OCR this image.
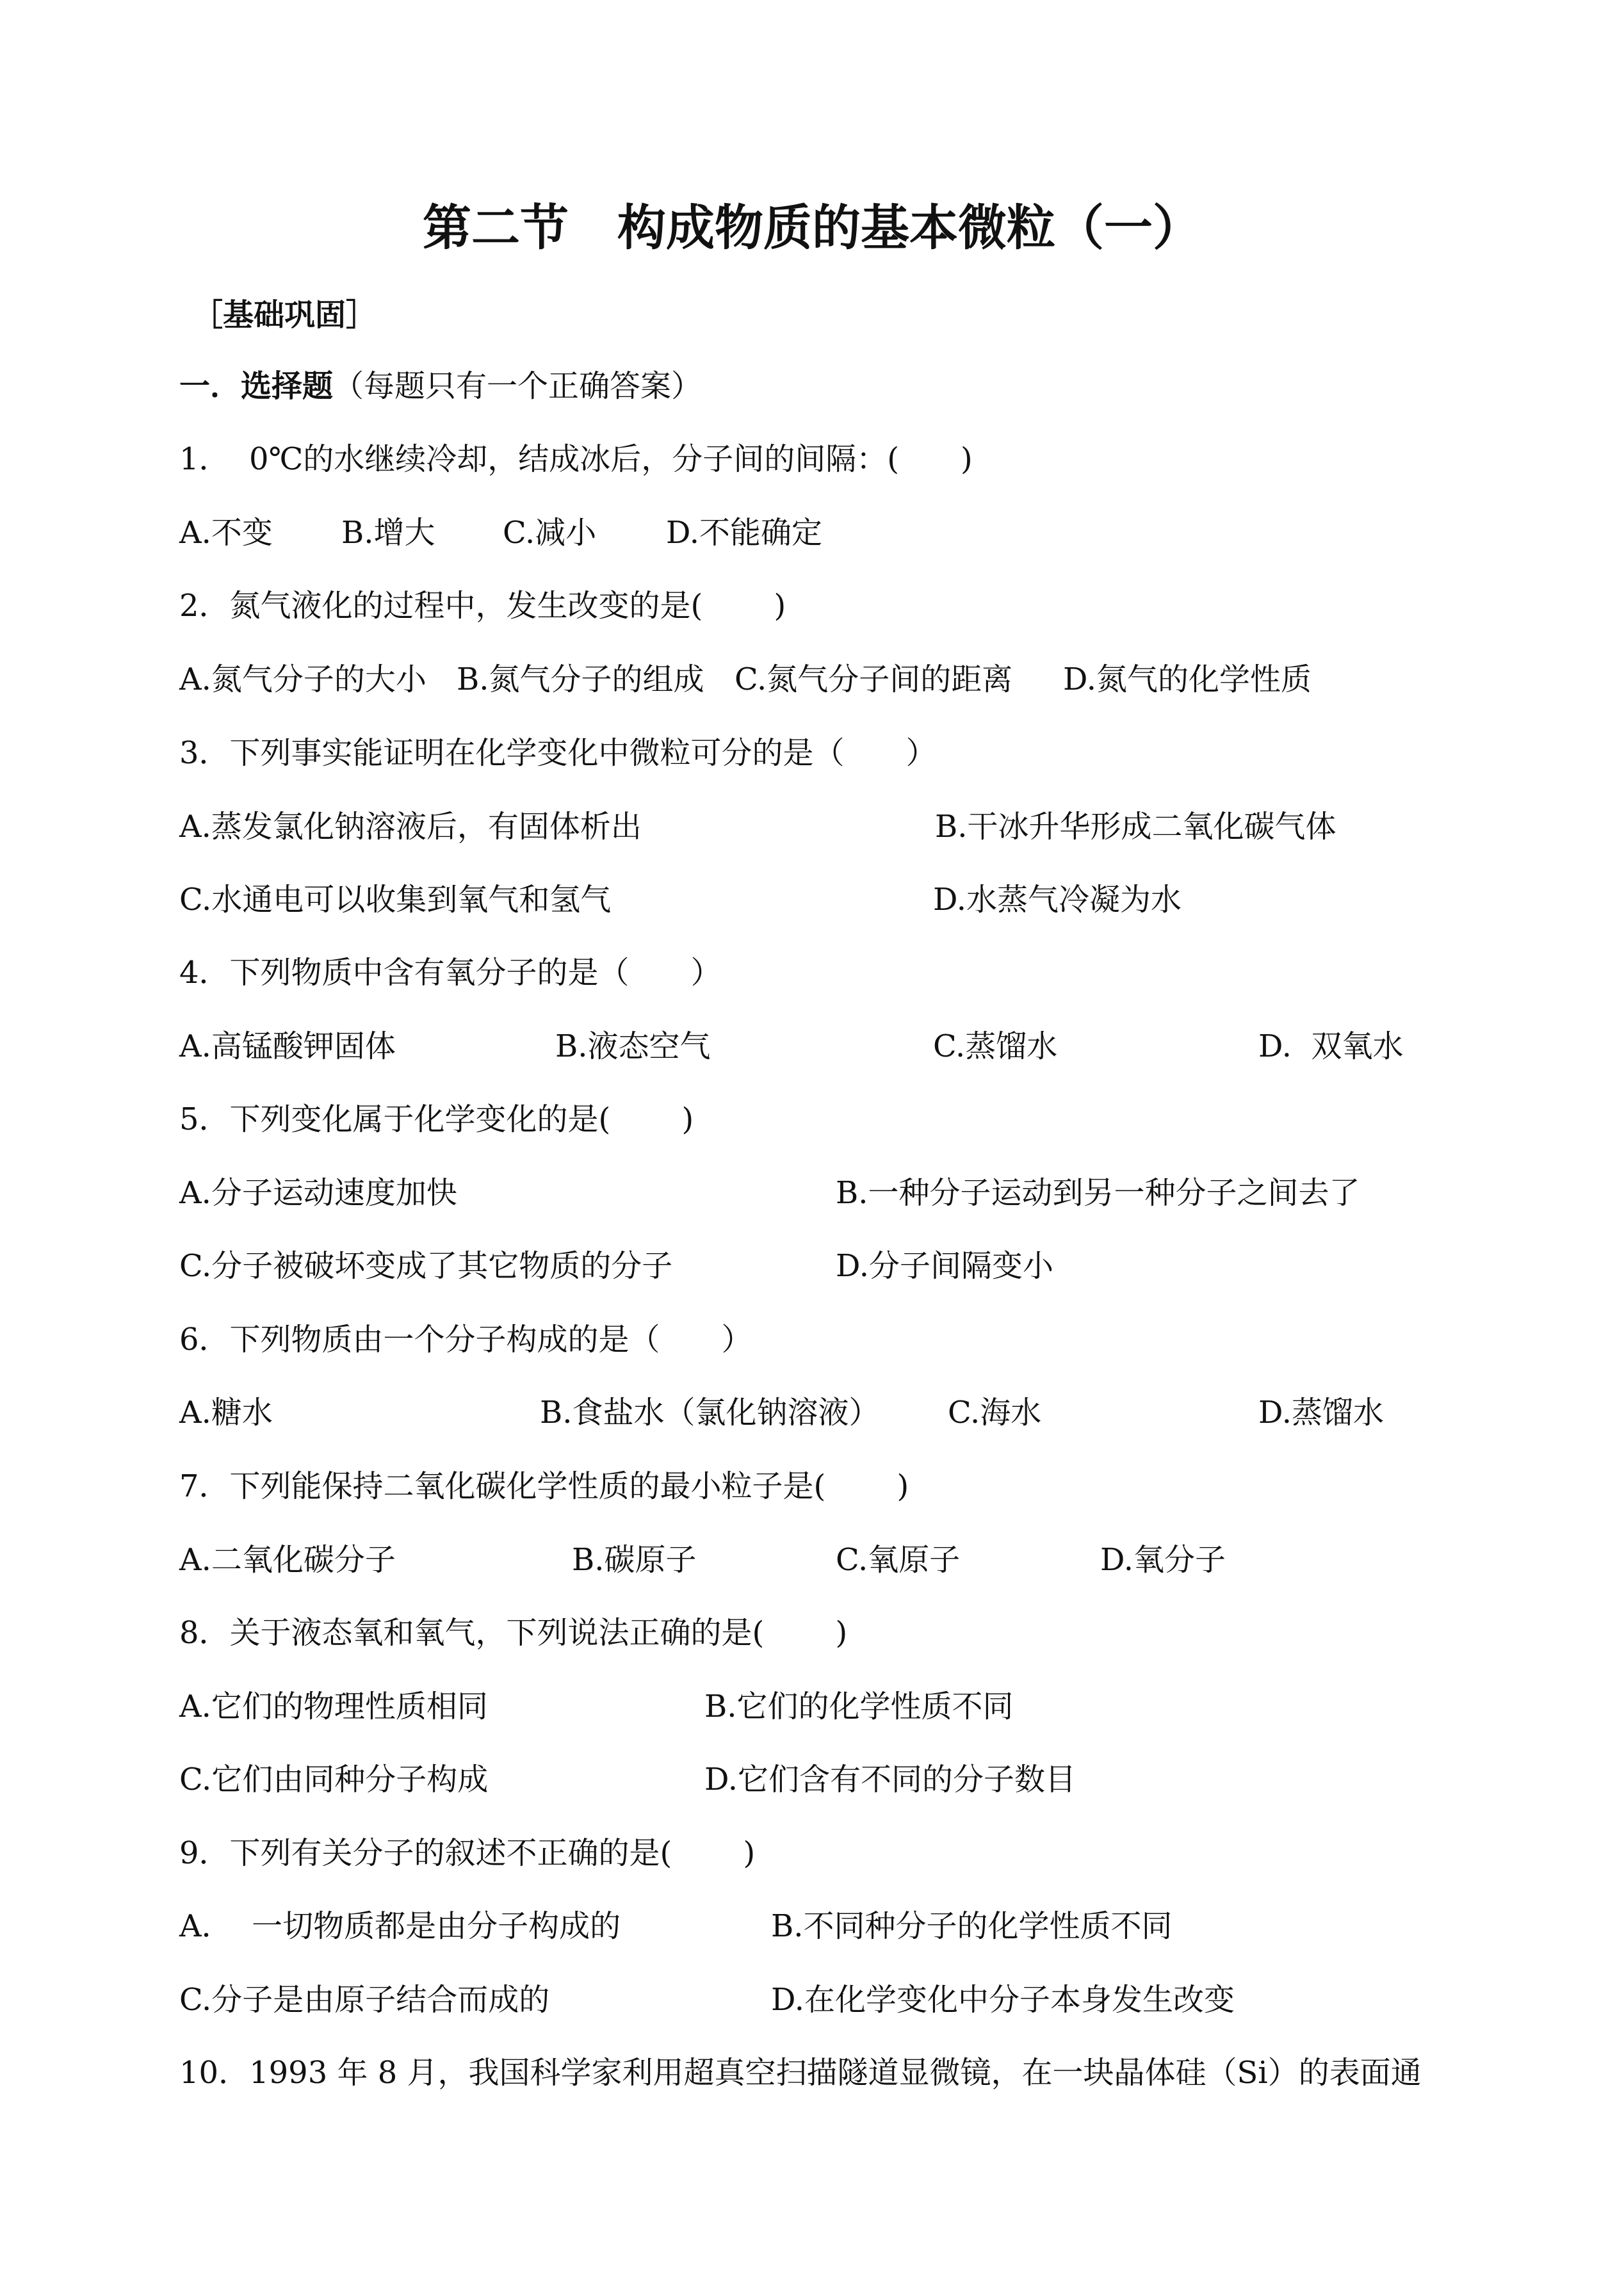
第二节　构成物质的基本微粒（一）
［基础巩固］
一．选择题（每题只有一个正确答案）
1．  0℃的水继续冷却，结成冰后，分子间的间隔：(　　)
A.不变 B.增大 C.减小 D.不能确定
2．氮气液化的过程中，发生改变的是(　　 )
A.氮气分子的大小 B.氮气分子的组成 C.氮气分子间的距离 D.氮气的化学性质
3．下列事实能证明在化学变化中微粒可分的是（　　）
A.蒸发氯化钠溶液后，有固体析出	B.干冰升华形成二氧化碳气体
C.水通电可以收集到氧气和氢气	D.水蒸气冷凝为水
4．下列物质中含有氧分子的是（　　）
A.高锰酸钾固体	B.液态空气	C.蒸馏水	D.  双氧水
5．下列变化属于化学变化的是(　　 )
A.分子运动速度加快	B.一种分子运动到另一种分子之间去了
C.分子被破坏变成了其它物质的分子	D.分子间隔变小
6．下列物质由一个分子构成的是（　　）
A.糖水	B.食盐水（氯化钠溶液） C.海水	D.蒸馏水
7．下列能保持二氧化碳化学性质的最小粒子是(　　 )
A.二氧化碳分子	B.碳原子	C.氧原子	D.氧分子
8．关于液态氧和氧气，下列说法正确的是(　　 )
A.它们的物理性质相同	B.它们的化学性质不同
C.它们由同种分子构成	D.它们含有不同的分子数目
9．下列有关分子的叙述不正确的是(　　 )
A．  一切物质都是由分子构成的	B.不同种分子的化学性质不同
C.分子是由原子结合而成的	D.在化学变化中分子本身发生改变
10．1993 年 8 月，我国科学家利用超真空扫描隧道显微镜，在一块晶体硅（Si）的表面通
